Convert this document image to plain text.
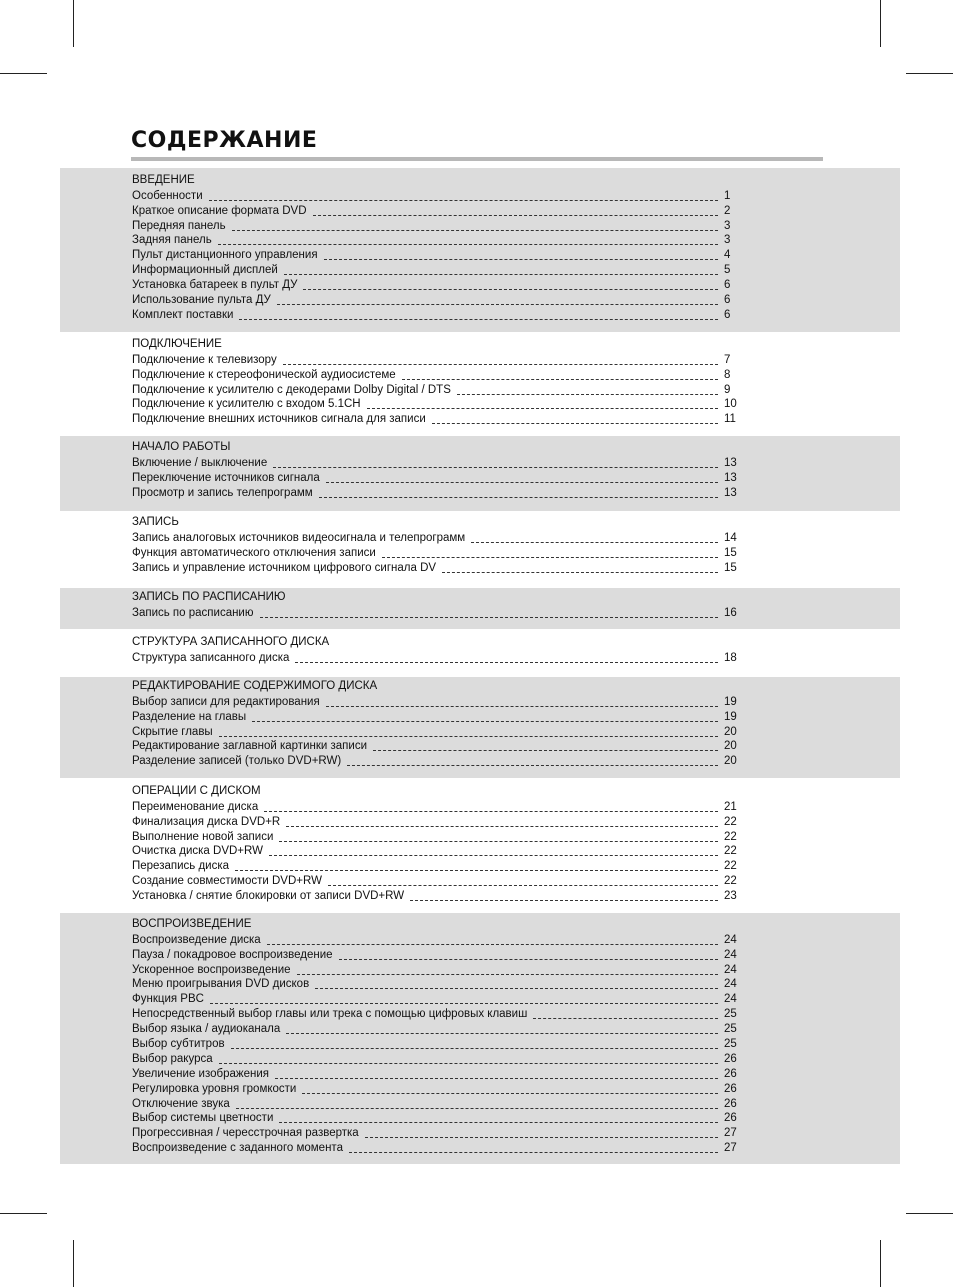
СОДЕРЖАНИЕ
ВВЕДЕНИЕ
Особенности	1
Краткое описание формата DVD	2
Передняя панель	3
Задняя панель	3
Пульт дистанционного управления	4
Информационный дисплей	5
Установка батареек в пульт ДУ	6
Использование пульта ДУ	6
Комплект поставки	6
ПОДКЛЮЧЕНИЕ
Подключение к телевизору	7
Подключение к стереофонической аудиосистеме	8
Подключение к усилителю с декодерами Dolby Digital / DTS	9
Подключение к усилителю с входом 5.1CH	10
Подключение внешних источников сигнала для записи	11
НАЧАЛО РАБОТЫ
Включение / выключение	13
Переключение источников сигнала	13
Просмотр и запись телепрограмм	13
ЗАПИСЬ
Запись аналоговых источников видеосигнала и телепрограмм	14
Функция автоматического отключения записи	15
Запись и управление источником цифрового сигнала DV	15
ЗАПИСЬ ПО РАСПИСАНИЮ
Запись по расписанию	16
СТРУКТУРА ЗАПИСАННОГО ДИСКА
Структура записанного диска	18
РЕДАКТИРОВАНИЕ СОДЕРЖИМОГО ДИСКА
Выбор записи для редактирования	19
Разделение на главы	19
Скрытие главы	20
Редактирование заглавной картинки записи	20
Разделение записей (только DVD+RW)	20
ОПЕРАЦИИ С ДИСКОМ
Переименование диска	21
Финализация диска DVD+R	22
Выполнение новой записи	22
Очистка диска DVD+RW	22
Перезапись диска	22
Создание совместимости DVD+RW	22
Установка / снятие блокировки от записи DVD+RW	23
ВОСПРОИЗВЕДЕНИЕ
Воспроизведение диска	24
Пауза / покадровое воспроизведение	24
Ускоренное воспроизведение	24
Меню проигрывания DVD дисков	24
Функция PBC	24
Непосредственный выбор главы или трека с помощью цифровых клавиш	25
Выбор языка / аудиоканала	25
Выбор субтитров	25
Выбор ракурса	26
Увеличение изображения	26
Регулировка уровня громкости	26
Отключение звука	26
Выбор системы цветности	26
Прогрессивная / чересстрочная развертка	27
Воспроизведение с заданного момента	27
